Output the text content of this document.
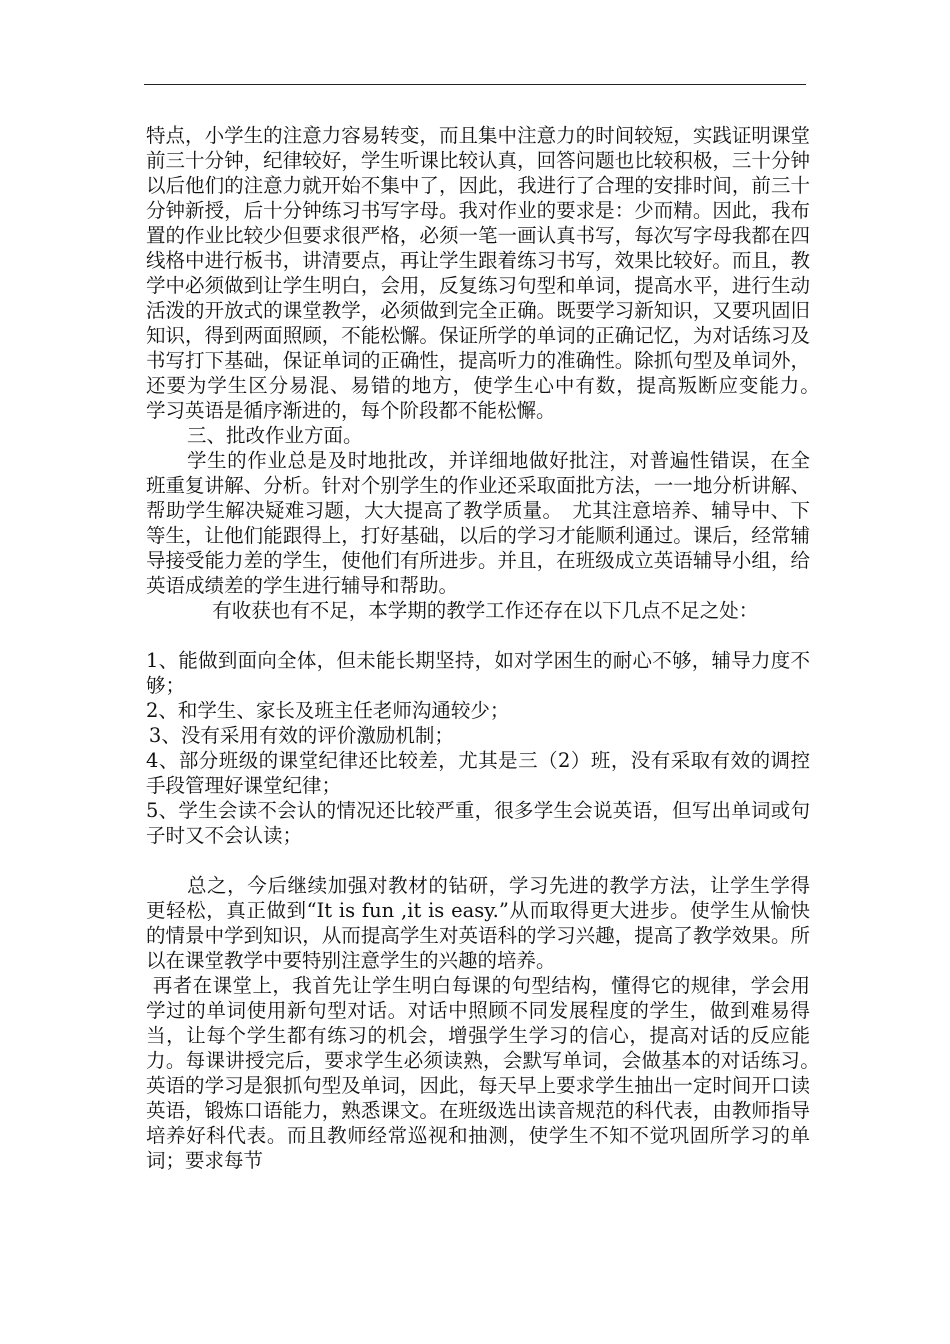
特点，小学生的注意力容易转变，而且集中注意力的时间较短，实践证明课堂前三十分钟，纪律较好，学生听课比较认真，回答问题也比较积极，三十分钟以后他们的注意力就开始不集中了，因此，我进行了合理的安排时间，前三十分钟新授，后十分钟练习书写字母。我对作业的要求是：少而精。因此，我布置的作业比较少但要求很严格，必须一笔一画认真书写，每次写字母我都在四线格中进行板书，讲清要点，再让学生跟着练习书写，效果比较好。而且，教学中必须做到让学生明白，会用，反复练习句型和单词，提高水平，进行生动活泼的开放式的课堂教学，必须做到完全正确。既要学习新知识，又要巩固旧知识，得到两面照顾，不能松懈。保证所学的单词的正确记忆，为对话练习及书写打下基础，保证单词的正确性，提高听力的准确性。除抓句型及单词外，还要为学生区分易混、易错的地方，使学生心中有数，提高叛断应变能力。　学习英语是循序渐进的，每个阶段都不能松懈。

三、批改作业方面。

学生的作业总是及时地批改，并详细地做好批注，对普遍性错误，在全班重复讲解、分析。针对个别学生的作业还采取面批方法，一一地分析讲解、帮助学生解决疑难习题，大大提高了教学质量。　尤其注意培养、辅导中、下等生，让他们能跟得上，打好基础，以后的学习才能顺利通过。课后，经常辅导接受能力差的学生，使他们有所进步。并且，在班级成立英语辅导小组，给英语成绩差的学生进行辅导和帮助。

有收获也有不足，本学期的教学工作还存在以下几点不足之处：

1、能做到面向全体，但未能长期坚持，如对学困生的耐心不够，辅导力度不够；

2、和学生、家长及班主任老师沟通较少；

3、没有采用有效的评价激励机制；

4、部分班级的课堂纪律还比较差，尤其是三（2）班，没有采取有效的调控手段管理好课堂纪律；

5、学生会读不会认的情况还比较严重，很多学生会说英语，但写出单词或句子时又不会认读；

总之，今后继续加强对教材的钻研，学习先进的教学方法，让学生学得更轻松，真正做到“It is fun ,it is easy.”从而取得更大进步。使学生从愉快的情景中学到知识，从而提高学生对英语科的学习兴趣，提高了教学效果。所以在课堂教学中要特别注意学生的兴趣的培养。

再者在课堂上，我首先让学生明白每课的句型结构，懂得它的规律，学会用学过的单词使用新句型对话。对话中照顾不同发展程度的学生，做到难易得当，让每个学生都有练习的机会，增强学生学习的信心，提高对话的反应能力。每课讲授完后，要求学生必须读熟，会默写单词，会做基本的对话练习。　　英语的学习是狠抓句型及单词，因此，每天早上要求学生抽出一定时间开口读英语，锻炼口语能力，熟悉课文。在班级选出读音规范的科代表，由教师指导培养好科代表。而且教师经常巡视和抽测，使学生不知不觉巩固所学习的单词；要求每节
